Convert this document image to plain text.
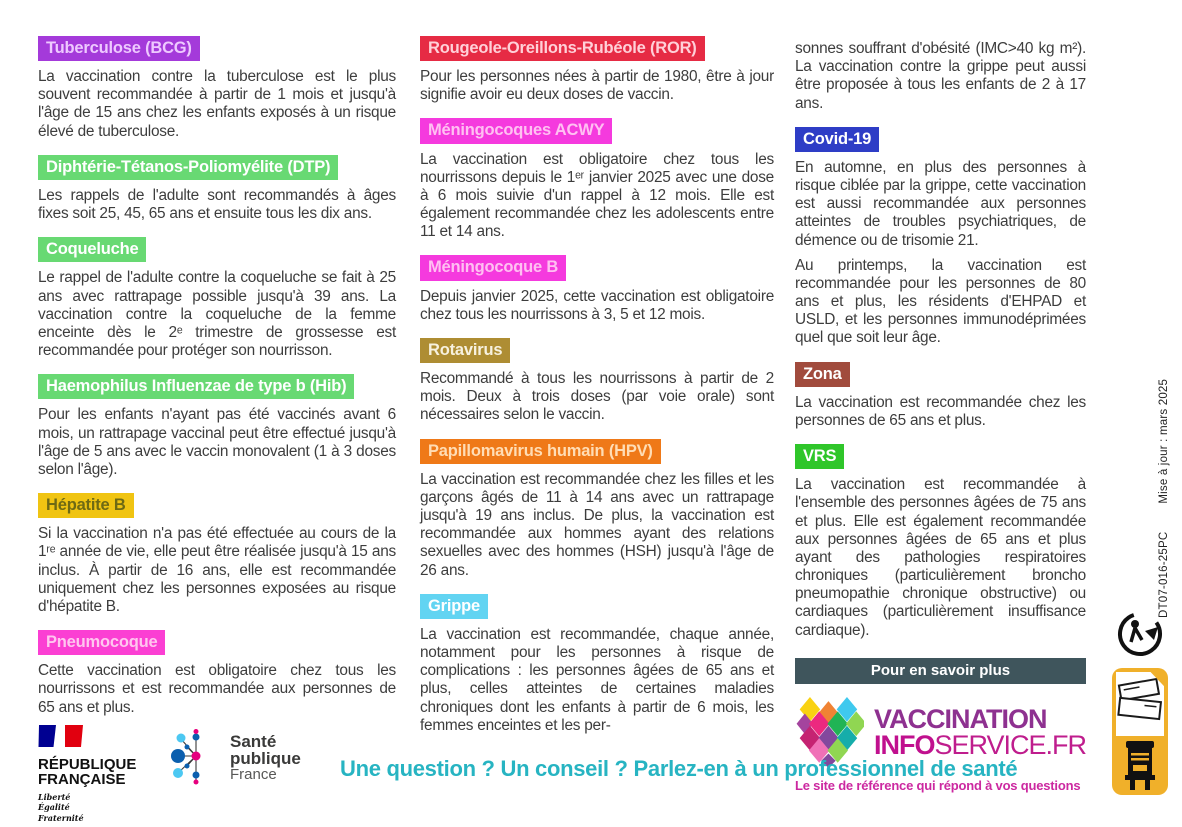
Tuberculose (BCG)

La vaccination contre la tuberculose est le plus souvent recommandée à partir de 1 mois et jusqu'à l'âge de 15 ans chez les enfants exposés à un risque élevé de tuberculose.

Diphtérie-Tétanos-Poliomyélite (DTP)

Les rappels de l'adulte sont recommandés à âges fixes soit 25, 45, 65 ans et ensuite tous les dix ans.

Coqueluche

Le rappel de l'adulte contre la coqueluche se fait à 25 ans avec rattrapage possible jusqu'à 39 ans. La vaccination contre la coqueluche de la femme enceinte dès le 2ᵉ trimestre de grossesse est recommandée pour protéger son nourrisson.

Haemophilus Influenzae de type b (Hib)

Pour les enfants n'ayant pas été vaccinés avant 6 mois, un rattrapage vaccinal peut être effectué jusqu'à l'âge de 5 ans avec le vaccin monovalent (1 à 3 doses selon l'âge).

Hépatite B

Si la vaccination n'a pas été effectuée au cours de la 1ʳᵉ année de vie, elle peut être réalisée jusqu'à 15 ans inclus. À partir de 16 ans, elle est recommandée uniquement chez les personnes exposées au risque d'hépatite B.

Pneumocoque

Cette vaccination est obligatoire chez tous les nourrissons et est recommandée aux personnes de 65 ans et plus.

Rougeole-Oreillons-Rubéole (ROR)

Pour les personnes nées à partir de 1980, être à jour signifie avoir eu deux doses de vaccin.

Méningocoques ACWY

La vaccination est obligatoire chez tous les nourrissons depuis le 1ᵉʳ janvier 2025 avec une dose à 6 mois suivie d'un rappel à 12 mois. Elle est également recommandée chez les adolescents entre 11 et 14 ans.

Méningocoque B

Depuis janvier 2025, cette vaccination est obligatoire chez tous les nourrissons à 3, 5 et 12 mois.

Rotavirus

Recommandé à tous les nourrissons à partir de 2 mois. Deux à trois doses (par voie orale) sont nécessaires selon le vaccin.

Papillomavirus humain (HPV)

La vaccination est recommandée chez les filles et les garçons âgés de 11 à 14 ans avec un rattrapage jusqu'à 19 ans inclus. De plus, la vaccination est recommandée aux hommes ayant des relations sexuelles avec des hommes (HSH) jusqu'à l'âge de 26 ans.

Grippe

La vaccination est recommandée, chaque année, notamment pour les personnes à risque de complications : les personnes âgées de 65 ans et plus, celles atteintes de certaines maladies chroniques dont les enfants à partir de 6 mois, les femmes enceintes et les per-

sonnes souffrant d'obésité (IMC>40 kg m²). La vaccination contre la grippe peut aussi être proposée à tous les enfants de 2 à 17 ans.

Covid-19

En automne, en plus des personnes à risque ciblée par la grippe, cette vaccination est aussi recommandée aux personnes atteintes de troubles psychiatriques, de démence ou de trisomie 21.

Au printemps, la vaccination est recommandée pour les personnes de 80 ans et plus, les résidents d'EHPAD et USLD, et les personnes immunodéprimées quel que soit leur âge.

Zona

La vaccination est recommandée chez les personnes de 65 ans et plus.

VRS

La vaccination est recommandée à l'ensemble des personnes âgées de 75 ans et plus. Elle est également recommandée aux personnes âgées de 65 ans et plus ayant des pathologies respiratoires chroniques (particulièrement broncho pneumopathie chronique obstructive) ou cardiaques (particulièrement insuffisance cardiaque).

Pour en savoir plus
VACCINATION
INFOSERVICE.FR
Le site de référence qui répond à vos questions
RÉPUBLIQUE
FRANÇAISE
Liberté
Égalité
Fraternité
Santé
publique
France	Une question ? Un conseil ? Parlez-en à un professionnel de santé
DT07-016-25PCMise à jour : mars 2025
